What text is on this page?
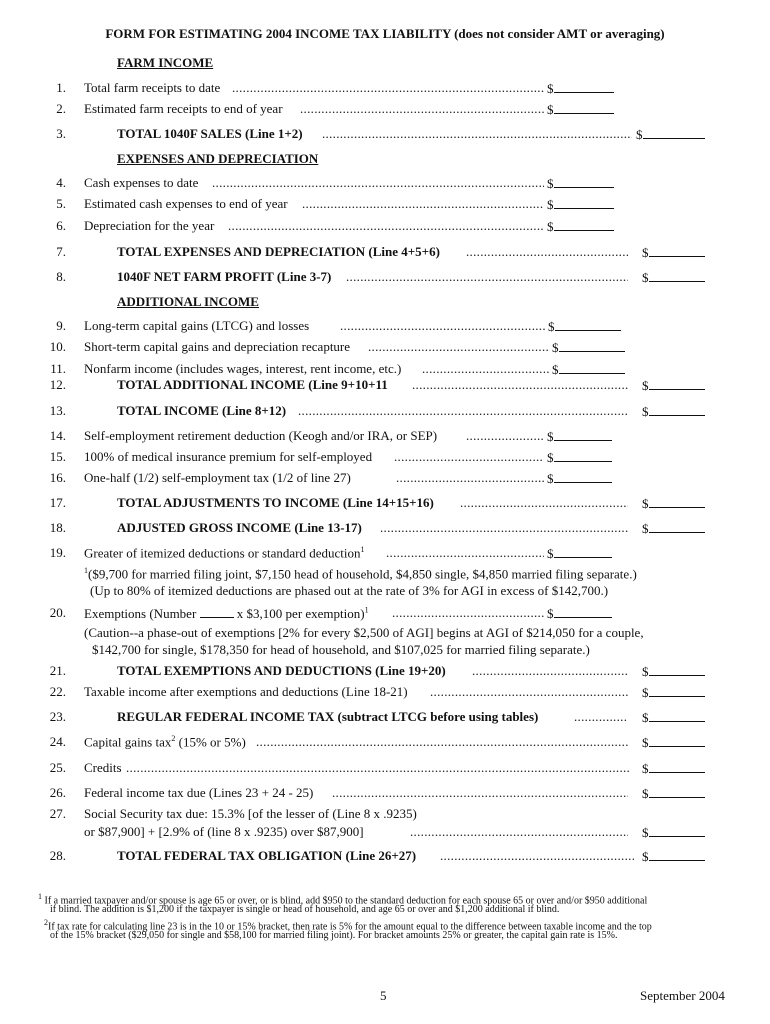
FORM FOR ESTIMATING 2004 INCOME TAX LIABILITY (does not consider AMT or averaging)
FARM INCOME
1. Total farm receipts to date .....	$
2. Estimated farm receipts to end of year .....	$
3.	TOTAL 1040F SALES (Line 1+2) .....	$
EXPENSES AND DEPRECIATION
4. Cash expenses to date .....	$
5. Estimated cash expenses to end of year .....	$
6. Depreciation for the year .....	$
7.	TOTAL EXPENSES AND DEPRECIATION (Line 4+5+6) .....	$
8.	1040F NET FARM PROFIT (Line 3-7) .....	$
ADDITIONAL INCOME
9. Long-term capital gains (LTCG) and losses .....	$
10. Short-term capital gains and depreciation recapture .....	$
11. Nonfarm income (includes wages, interest, rent income, etc.) .....	$
12.	TOTAL ADDITIONAL INCOME (Line 9+10+11 .....	$
13.	TOTAL INCOME (Line 8+12) .....	$
14. Self-employment retirement deduction (Keogh and/or IRA, or SEP) .....	$
15. 100% of medical insurance premium for self-employed .....	$
16. One-half (1/2) self-employment tax (1/2 of line 27) .....	$
17.	TOTAL ADJUSTMENTS TO INCOME (Line 14+15+16) .....	$
18.	ADJUSTED GROSS INCOME (Line 13-17) .....	$
19. Greater of itemized deductions or standard deduction$^1$ .....	$
$^1$($9,700 for married filing joint, $7,150 head of household, $4,850 single, $4,850 married filing separate.)
(Up to 80% of itemized deductions are phased out at the rate of 3% for AGI in excess of $142,700.)
20. Exemptions (Number	x $3,100 per exemption)$^1$ .....	$
(Caution--a phase-out of exemptions [2% for every $2,500 of AGI] begins at AGI of $214,050 for a couple,
$142,700 for single, $178,350 for head of household, and $107,025 for married filing separate.)
21.	TOTAL EXEMPTIONS AND DEDUCTIONS (Line 19+20) .....	$
22. Taxable income after exemptions and deductions (Line 18-21) .....	$
23.	REGULAR FEDERAL INCOME TAX (subtract LTCG before using tables) .....	$
24. Capital gains tax$^2$ (15% or 5%) .....	$
25. Credits .....	$
26. Federal income tax due (Lines 23 + 24 - 25) .....	$
27. Social Security tax due: 15.3% [of the lesser of (Line 8 x .9235)
or $87,900] + [2.9% of (line 8 x .9235) over $87,900] .....	$
28.	TOTAL FEDERAL TAX OBLIGATION (Line 26+27) .....	$
$^1$ If a married taxpayer and/or spouse is age 65 or over, or is blind, add $950 to the standard deduction for each spouse 65 or over and/or $950 additional
if blind. The addition is $1,200 if the taxpayer is single or head of household, and age 65 or over and $1,200 additional if blind.
$^2$If tax rate for calculating line 23 is in the 10 or 15% bracket, then rate is 5% for the amount equal to the difference between taxable income and the top
of the 15% bracket ($29,050 for single and $58,100 for married filing joint). For bracket amounts 25% or greater, the capital gain rate is 15%.
5	September 2004
